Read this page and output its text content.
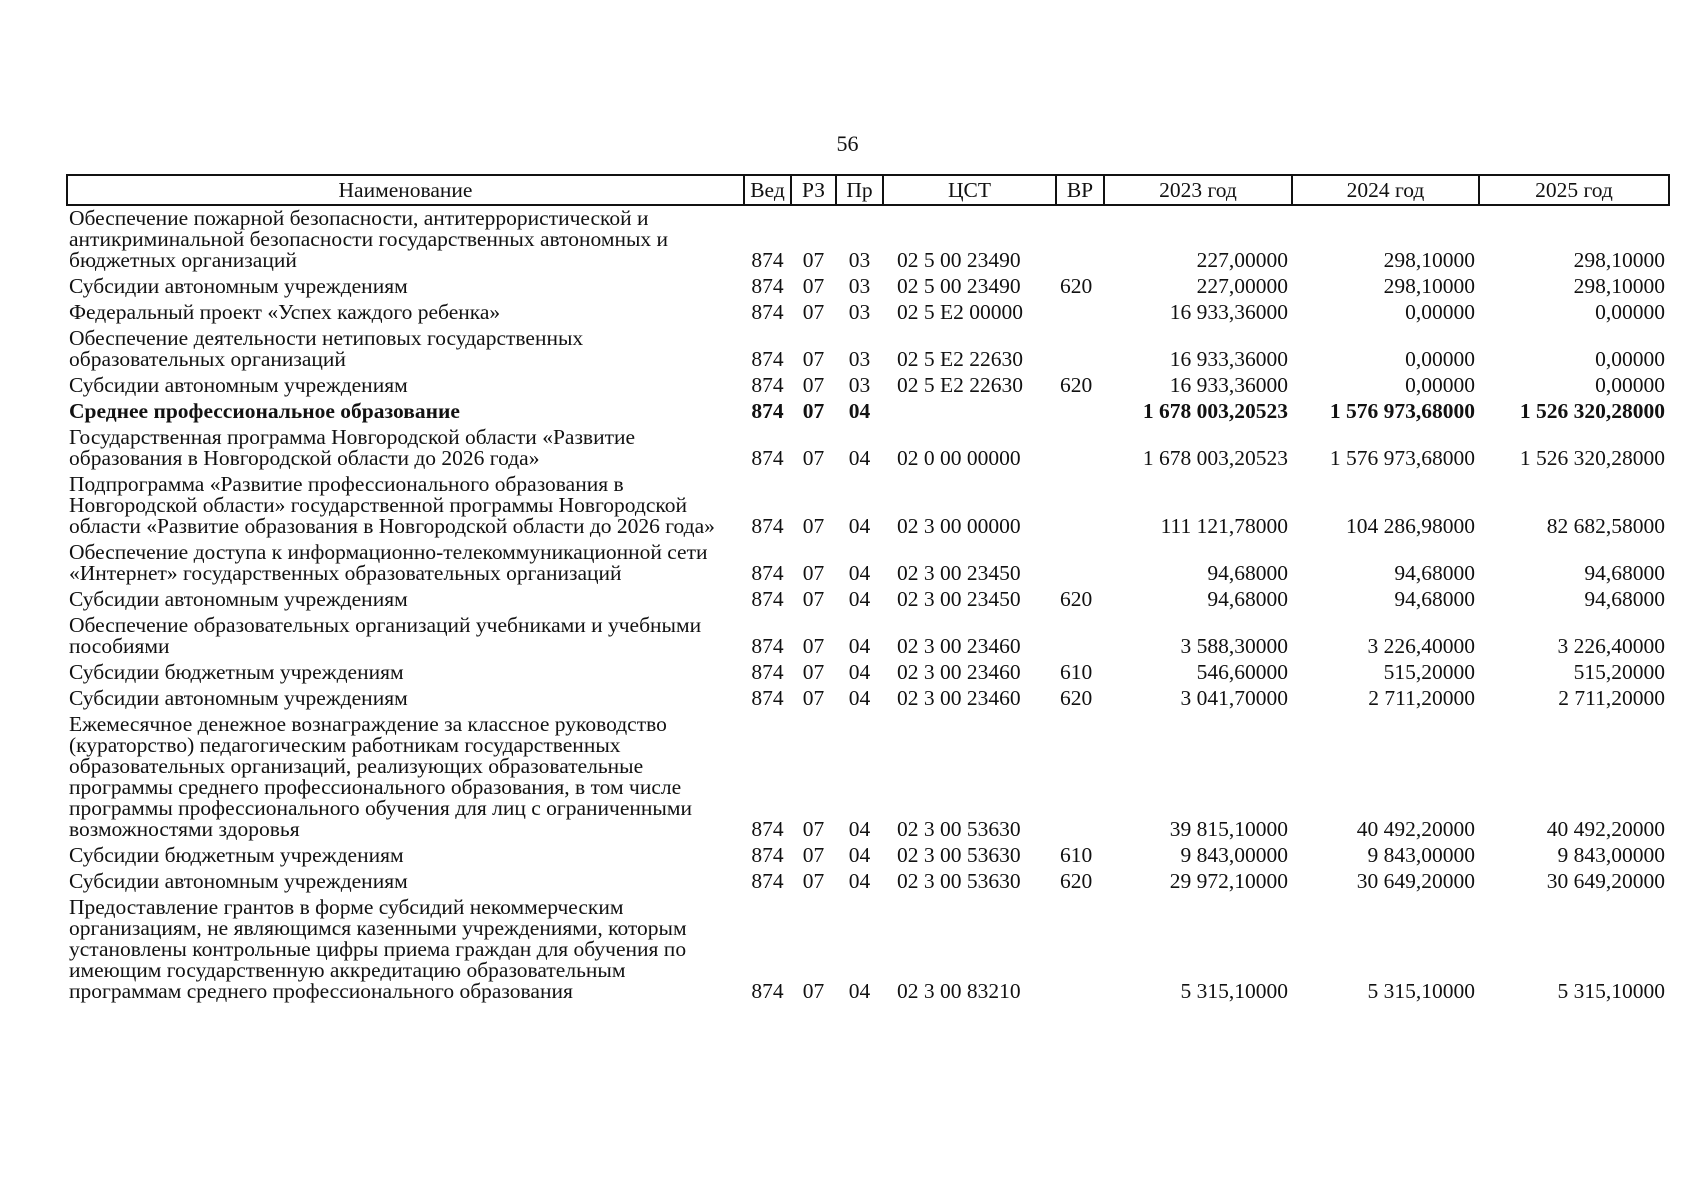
56
Наименование	Вед	РЗ	Пр	ЦСТ	ВР	2023 год	2024 год	2025 год
Обеспечение пожарной безопасности, антитеррористической и антикриминальной безопасности государственных автономных и бюджетных организаций	874	07	03	02 5 00 23490		227,00000	298,10000	298,10000
Субсидии автономным учреждениям	874	07	03	02 5 00 23490	620	227,00000	298,10000	298,10000
Федеральный проект «Успех каждого ребенка»	874	07	03	02 5 E2 00000		16 933,36000	0,00000	0,00000
Обеспечение деятельности нетиповых государственных образовательных организаций	874	07	03	02 5 E2 22630		16 933,36000	0,00000	0,00000
Субсидии автономным учреждениям	874	07	03	02 5 E2 22630	620	16 933,36000	0,00000	0,00000
Среднее профессиональное образование	874	07	04			1 678 003,20523	1 576 973,68000	1 526 320,28000
Государственная программа Новгородской области «Развитие образования в Новгородской области до 2026 года»	874	07	04	02 0 00 00000		1 678 003,20523	1 576 973,68000	1 526 320,28000
Подпрограмма «Развитие профессионального образования в Новгородской области» государственной программы Новгородской области «Развитие образования в Новгородской области до 2026 года»	874	07	04	02 3 00 00000		111 121,78000	104 286,98000	82 682,58000
Обеспечение доступа к информационно-телекоммуникационной сети «Интернет» государственных образовательных организаций	874	07	04	02 3 00 23450		94,68000	94,68000	94,68000
Субсидии автономным учреждениям	874	07	04	02 3 00 23450	620	94,68000	94,68000	94,68000
Обеспечение образовательных организаций учебниками и учебными пособиями	874	07	04	02 3 00 23460		3 588,30000	3 226,40000	3 226,40000
Субсидии бюджетным учреждениям	874	07	04	02 3 00 23460	610	546,60000	515,20000	515,20000
Субсидии автономным учреждениям	874	07	04	02 3 00 23460	620	3 041,70000	2 711,20000	2 711,20000
Ежемесячное денежное вознаграждение за классное руководство (кураторство) педагогическим работникам государственных образовательных организаций, реализующих образовательные программы среднего профессионального образования, в том числе программы профессионального обучения для лиц с ограниченными возможностями здоровья	874	07	04	02 3 00 53630		39 815,10000	40 492,20000	40 492,20000
Субсидии бюджетным учреждениям	874	07	04	02 3 00 53630	610	9 843,00000	9 843,00000	9 843,00000
Субсидии автономным учреждениям	874	07	04	02 3 00 53630	620	29 972,10000	30 649,20000	30 649,20000
Предоставление грантов в форме субсидий некоммерческим организациям, не являющимся казенными учреждениями, которым установлены контрольные цифры приема граждан для обучения по имеющим государственную аккредитацию образовательным программам среднего профессионального образования	874	07	04	02 3 00 83210		5 315,10000	5 315,10000	5 315,10000
